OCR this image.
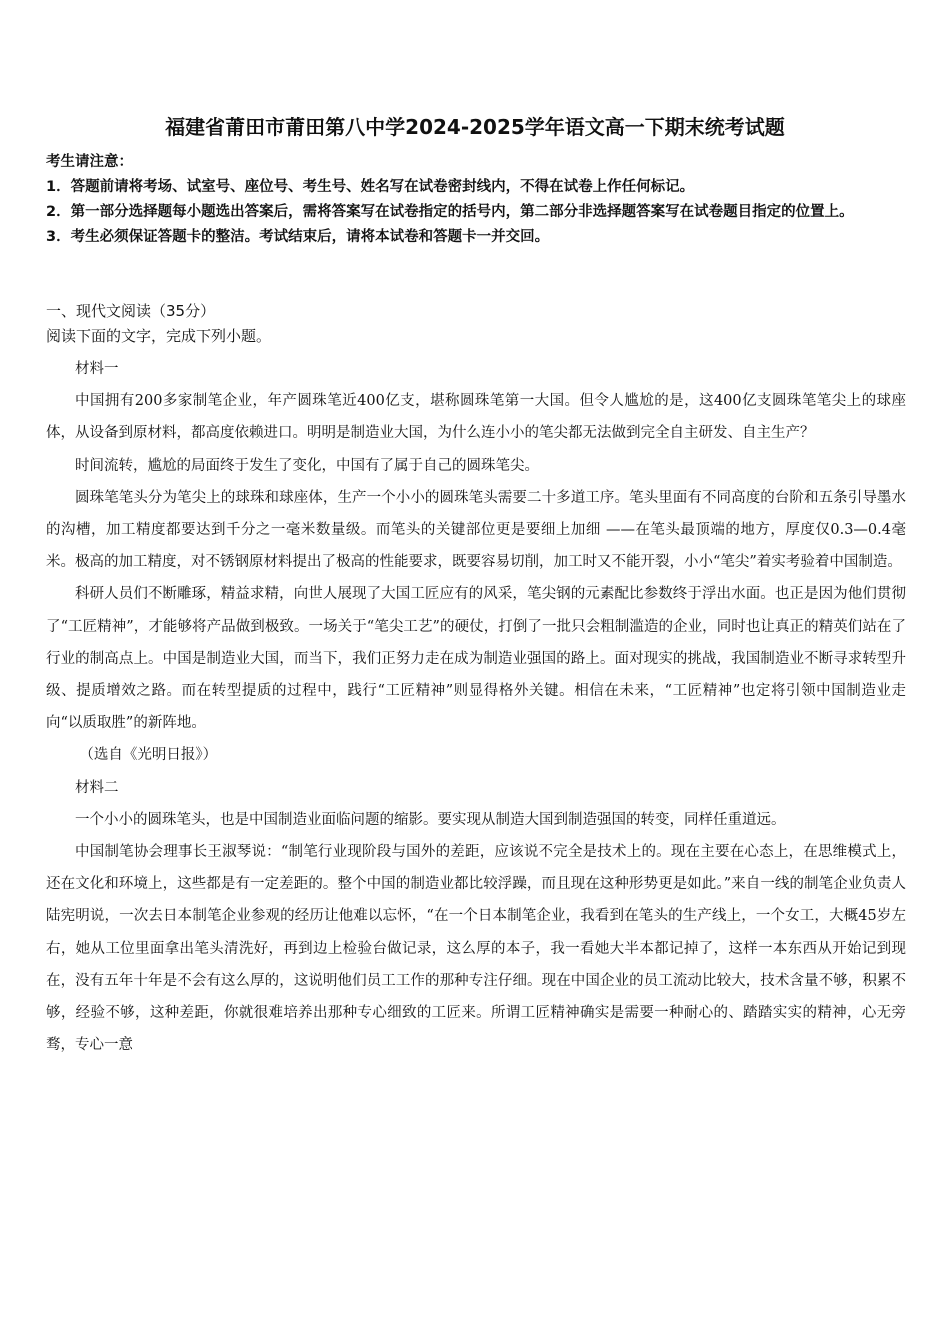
福建省莆田市莆田第八中学2024-2025学年语文高一下期末统考试题

考生请注意：

1．答题前请将考场、试室号、座位号、考生号、姓名写在试卷密封线内，不得在试卷上作任何标记。

2．第一部分选择题每小题选出答案后，需将答案写在试卷指定的括号内，第二部分非选择题答案写在试卷题目指定的位置上。

3．考生必须保证答题卡的整洁。考试结束后，请将本试卷和答题卡一并交回。

一、现代文阅读（35分）
阅读下面的文字，完成下列小题。

材料一

中国拥有200多家制笔企业，年产圆珠笔近400亿支，堪称圆珠笔第一大国。但令人尴尬的是，这400亿支圆珠笔笔尖上的球座体，从设备到原材料，都高度依赖进口。明明是制造业大国，为什么连小小的笔尖都无法做到完全自主研发、自主生产？

时间流转，尴尬的局面终于发生了变化，中国有了属于自己的圆珠笔尖。

圆珠笔笔头分为笔尖上的球珠和球座体，生产一个小小的圆珠笔头需要二十多道工序。笔头里面有不同高度的台阶和五条引导墨水的沟槽，加工精度都要达到千分之一毫米数量级。而笔头的关键部位更是要细上加细 ——在笔头最顶端的地方，厚度仅0.3—0.4毫米。极高的加工精度，对不锈钢原材料提出了极高的性能要求，既要容易切削，加工时又不能开裂，小小“笔尖”着实考验着中国制造。

科研人员们不断雕琢，精益求精，向世人展现了大国工匠应有的风采，笔尖钢的元素配比参数终于浮出水面。也正是因为他们贯彻了“工匠精神”，才能够将产品做到极致。一场关于“笔尖工艺”的硬仗，打倒了一批只会粗制滥造的企业，同时也让真正的精英们站在了行业的制高点上。中国是制造业大国，而当下，我们正努力走在成为制造业强国的路上。面对现实的挑战，我国制造业不断寻求转型升级、提质增效之路。而在转型提质的过程中，践行“工匠精神”则显得格外关键。相信在未来，“工匠精神”也定将引领中国制造业走向“以质取胜”的新阵地。

（选自《光明日报》）

材料二

一个小小的圆珠笔头，也是中国制造业面临问题的缩影。要实现从制造大国到制造强国的转变，同样任重道远。

中国制笔协会理事长王淑琴说：“制笔行业现阶段与国外的差距，应该说不完全是技术上的。现在主要在心态上，在思维模式上，还在文化和环境上，这些都是有一定差距的。整个中国的制造业都比较浮躁，而且现在这种形势更是如此。”来自一线的制笔企业负责人陆宪明说，一次去日本制笔企业参观的经历让他难以忘怀，“在一个日本制笔企业，我看到在笔头的生产线上，一个女工，大概45岁左右，她从工位里面拿出笔头清洗好，再到边上检验台做记录，这么厚的本子，我一看她大半本都记掉了，这样一本东西从开始记到现在，没有五年十年是不会有这么厚的，这说明他们员工工作的那种专注仔细。现在中国企业的员工流动比较大，技术含量不够，积累不够，经验不够，这种差距，你就很难培养出那种专心细致的工匠来。所谓工匠精神确实是需要一种耐心的、踏踏实实的精神，心无旁骛，专心一意
